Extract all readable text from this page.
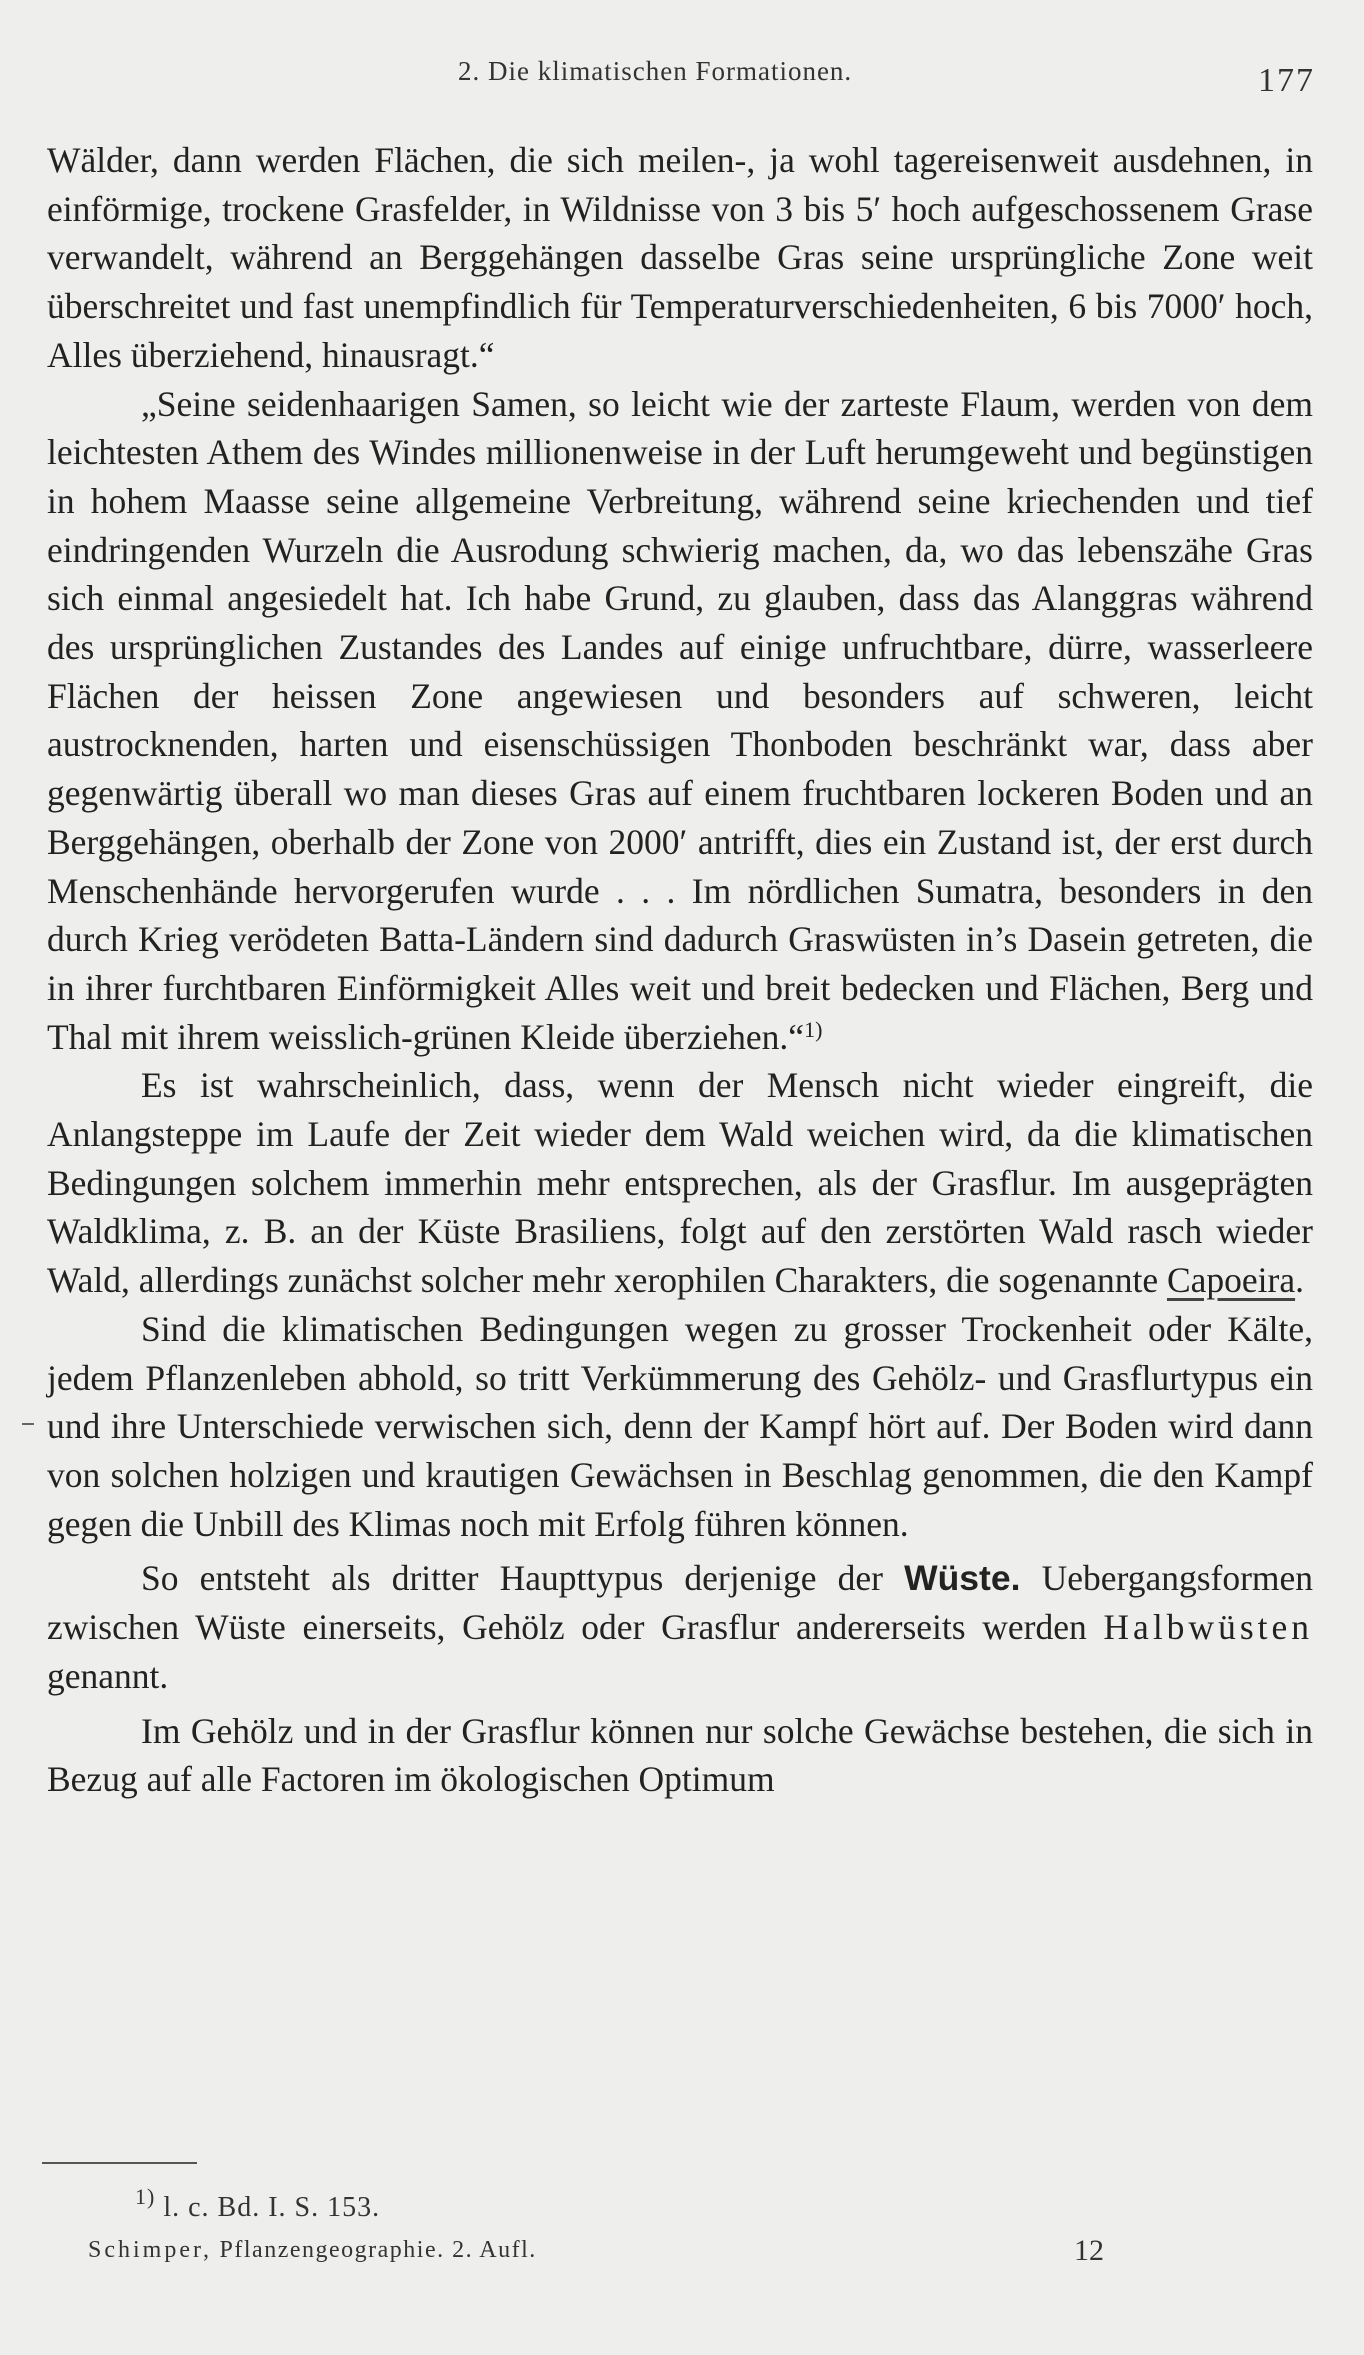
2. Die klimatischen Formationen.	177

Wälder, dann werden Flächen, die sich meilen-, ja wohl tagereisenweit ausdehnen, in einförmige, trockene Grasfelder, in Wildnisse von 3 bis 5′ hoch aufgeschossenem Grase verwandelt, während an Berggehängen dasselbe Gras seine ursprüngliche Zone weit überschreitet und fast unempfindlich für Temperaturverschiedenheiten, 6 bis 7000′ hoch, Alles überziehend, hinausragt.“

„Seine seidenhaarigen Samen, so leicht wie der zarteste Flaum, werden von dem leichtesten Athem des Windes millionenweise in der Luft herumgeweht und begünstigen in hohem Maasse seine allgemeine Verbreitung, während seine kriechenden und tief eindringenden Wurzeln die Ausrodung schwierig machen, da, wo das lebenszähe Gras sich einmal angesiedelt hat. Ich habe Grund, zu glauben, dass das Alanggras während des ursprünglichen Zustandes des Landes auf einige unfruchtbare, dürre, wasserleere Flächen der heissen Zone angewiesen und besonders auf schweren, leicht austrocknenden, harten und eisenschüssigen Thonboden beschränkt war, dass aber gegenwärtig überall wo man dieses Gras auf einem fruchtbaren lockeren Boden und an Berggehängen, oberhalb der Zone von 2000′ antrifft, dies ein Zustand ist, der erst durch Menschenhände hervorgerufen wurde . . . Im nördlichen Sumatra, besonders in den durch Krieg verödeten Batta-Ländern sind dadurch Graswüsten in’s Dasein getreten, die in ihrer furchtbaren Einförmigkeit Alles weit und breit bedecken und Flächen, Berg und Thal mit ihrem weisslich-grünen Kleide überziehen.“$^{1)}$

Es ist wahrscheinlich, dass, wenn der Mensch nicht wieder eingreift, die Anlangsteppe im Laufe der Zeit wieder dem Wald weichen wird, da die klimatischen Bedingungen solchem immerhin mehr entsprechen, als der Grasflur. Im ausgeprägten Waldklima, z. B. an der Küste Brasiliens, folgt auf den zerstörten Wald rasch wieder Wald, allerdings zunächst solcher mehr xerophilen Charakters, die sogenannte Capoeira.

Sind die klimatischen Bedingungen wegen zu grosser Trockenheit oder Kälte, jedem Pflanzenleben abhold, so tritt Verkümmerung des Gehölz- und Grasflurtypus ein und ihre Unterschiede verwischen sich, denn der Kampf hört auf. Der Boden wird dann von solchen holzigen und krautigen Gewächsen in Beschlag genommen, die den Kampf gegen die Unbill des Klimas noch mit Erfolg führen können.

So entsteht als dritter Haupttypus derjenige der Wüste. Uebergangsformen zwischen Wüste einerseits, Gehölz oder Grasflur andererseits werden Halbwüsten genannt.

Im Gehölz und in der Grasflur können nur solche Gewächse bestehen, die sich in Bezug auf alle Factoren im ökologischen Optimum

$^{1)}$ l. c. Bd. I. S. 153.
Schimper, Pflanzengeographie. 2. Aufl.	12
